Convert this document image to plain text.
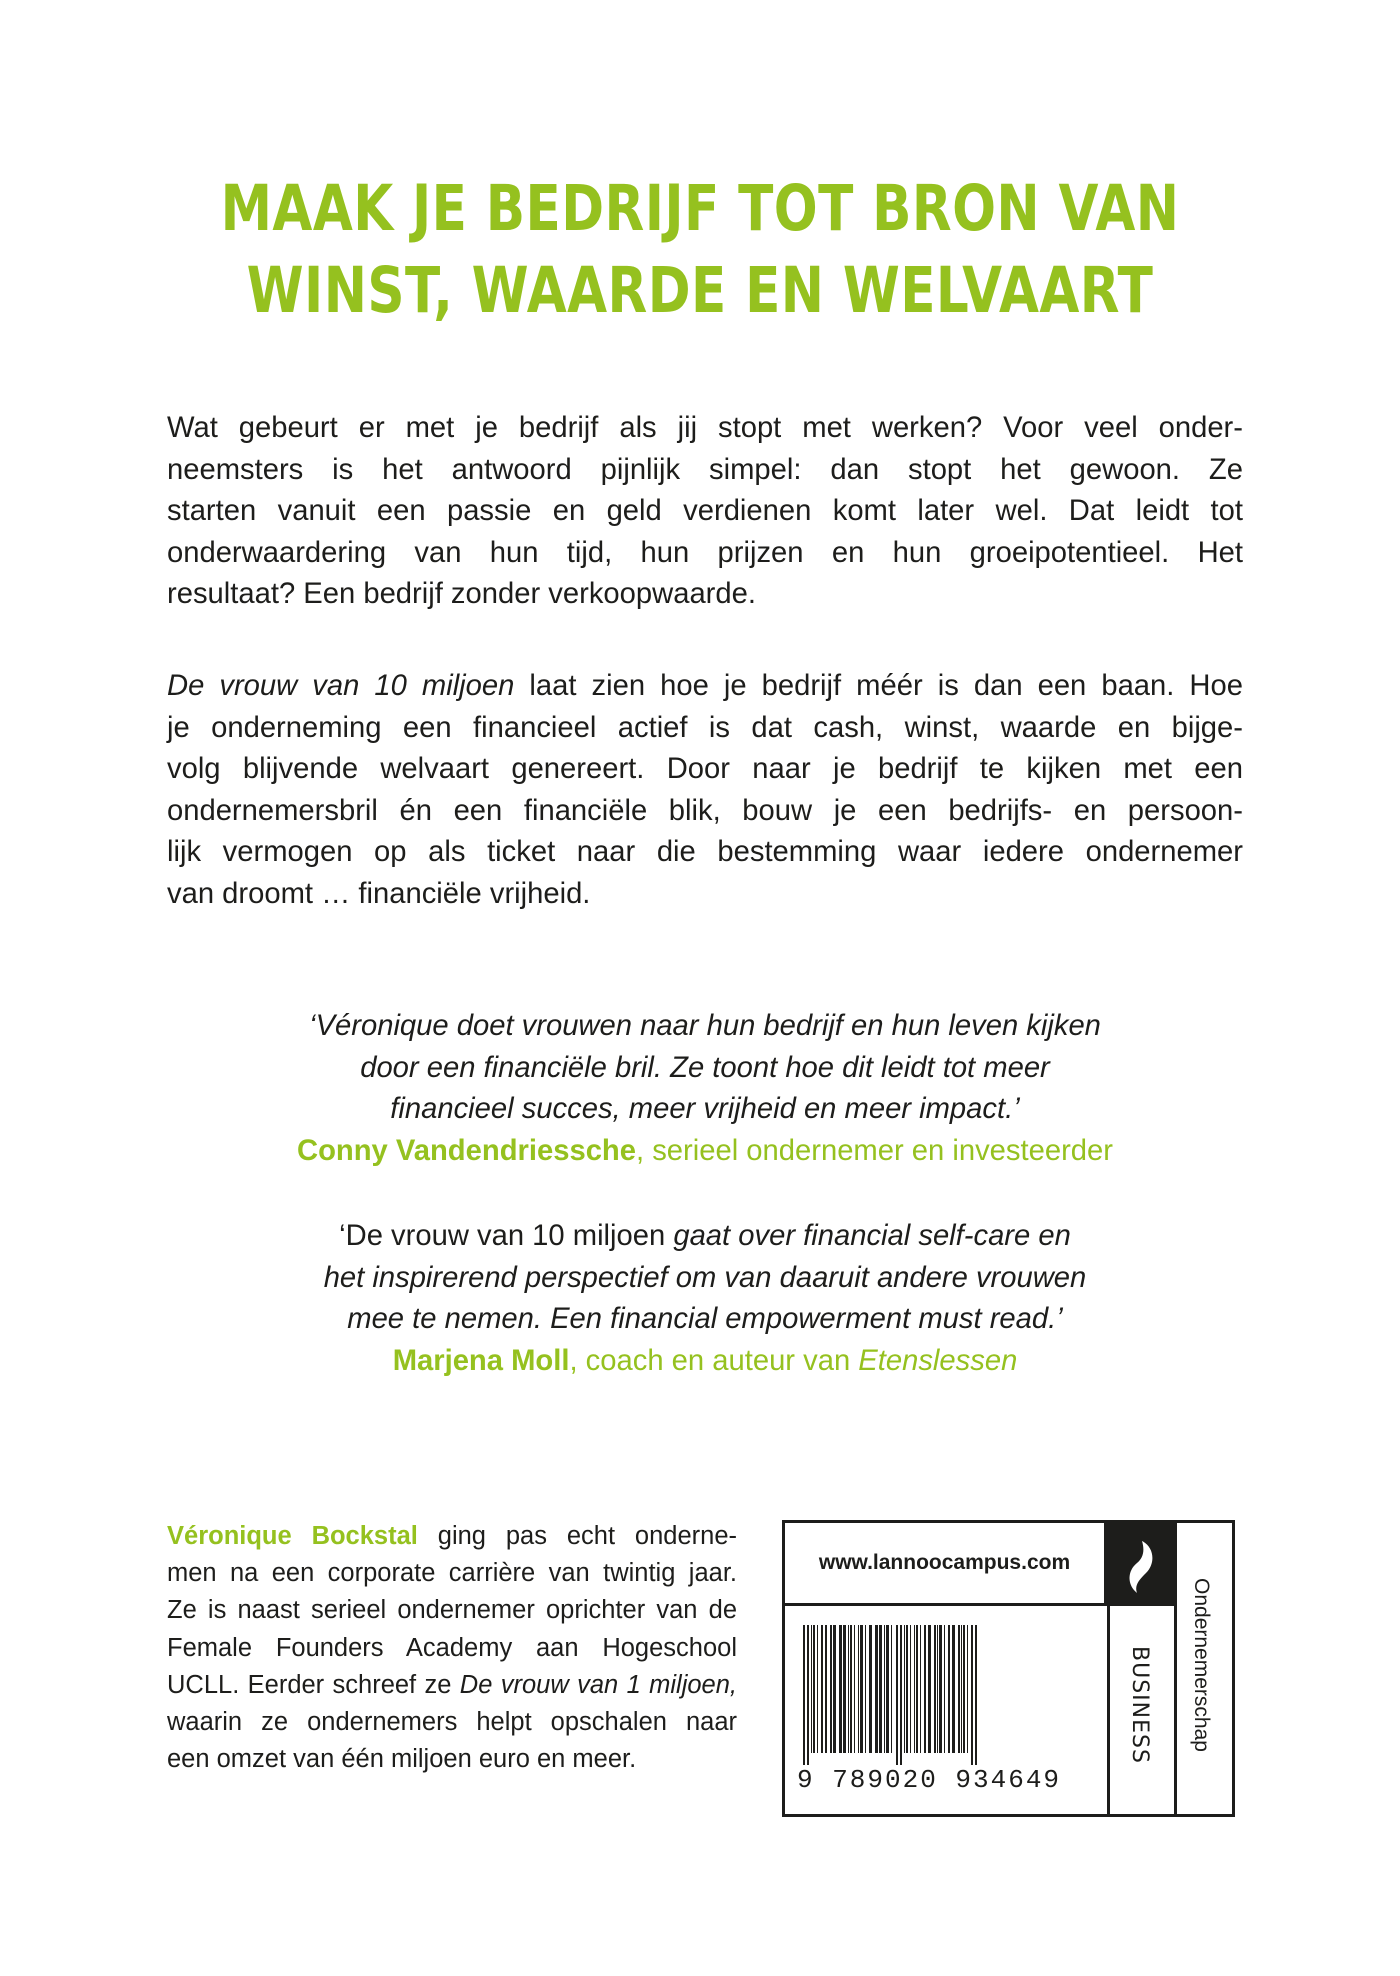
MAAK JE BEDRIJF TOT BRON VAN
WINST, WAARDE EN WELVAART

Wat gebeurt er met je bedrijf als jij stopt met werken? Voor veel onder-
neemsters is het antwoord pijnlijk simpel: dan stopt het gewoon. Ze
starten vanuit een passie en geld verdienen komt later wel. Dat leidt tot
onderwaardering van hun tijd, hun prijzen en hun groeipotentieel. Het
resultaat? Een bedrijf zonder verkoopwaarde.

De vrouw van 10 miljoen laat zien hoe je bedrijf méér is dan een baan. Hoe
je onderneming een financieel actief is dat cash, winst, waarde en bijge-
volg blijvende welvaart genereert. Door naar je bedrijf te kijken met een
ondernemersbril én een financiële blik, bouw je een bedrijfs- en persoon-
lijk vermogen op als ticket naar die bestemming waar iedere ondernemer
van droomt … financiële vrijheid.

‘Véronique doet vrouwen naar hun bedrijf en hun leven kijken
door een financiële bril. Ze toont hoe dit leidt tot meer
financieel succes, meer vrijheid en meer impact.’
Conny Vandendriessche, serieel ondernemer en investeerder

‘De vrouw van 10 miljoen gaat over financial self-care en
het inspirerend perspectief om van daaruit andere vrouwen
mee te nemen. Een financial empowerment must read.’
Marjena Moll, coach en auteur van Etenslessen

Véronique Bockstal ging pas echt onderne-
men na een corporate carrière van twintig jaar.
Ze is naast serieel ondernemer oprichter van de
Female Founders Academy aan Hogeschool
UCLL. Eerder schreef ze De vrouw van 1 miljoen,
waarin ze ondernemers helpt opschalen naar
een omzet van één miljoen euro en meer.

www.lannoocampus.com
9 789020 934649
BUSINESS Ondernemerschap
